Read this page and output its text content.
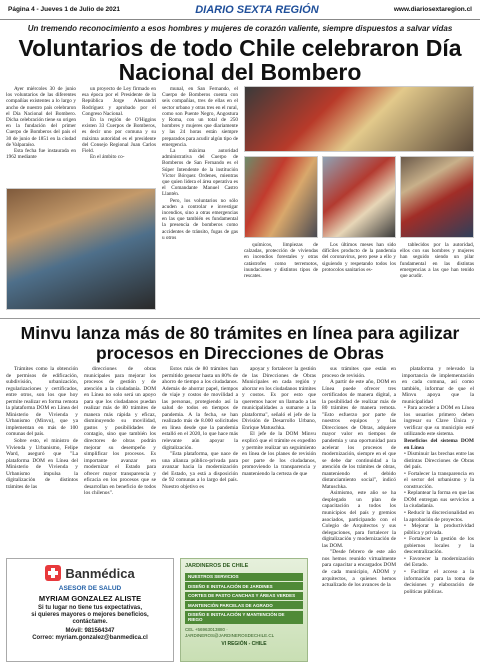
Página 4 - Jueves 1 de Julio de 2021	DIARIO SEXTA REGIÓN	www.diariosextaregion.cl
Un tremendo reconocimiento a esos hombres y mujeres de corazón valiente, siempre dispuestos a salvar vidas
Voluntarios de todo Chile celebraron Día Nacional del Bombero

Ayer miércoles 30 de junio los voluntarios de las diferentes compañías existentes a lo largo y ancho de nuestro país celebraron el Día Nacional del Bombero. Dicha celebración tiene su origen en la fundación del primer Cuerpo de Bomberos del país el 30 de junio de 1851 en la ciudad de Valparaíso.

Esta fecha fue instaurada en 1962 mediante

un proyecto de Ley firmado en esa época por el Presidente de la República Jorge Alessandri Rodríguez y aprobado por el Congreso Nacional.

En la región de O'Higgins existen 33 Cuerpos de Bomberos, es decir uno por comuna y su máxima autoridad es el presidente del Consejo Regional Juan Carlos Field.

En el ámbito co-

munal, en San Fernando, el Cuerpo de Bomberos cuenta con seis compañías, tres de ellas en el sector urbano y otras tres en el rural, como son Puente Negro, Angostura y Roma, con un total de 250 hombres y mujeres que diariamente y las 24 horas están siempre preparados para acudir algún tipo de emergencia.

La máxima autoridad administrativa del Cuerpo de Bomberos de San Fernando es el Súper Intendente de la institución Víctor Bórquez Ordenes, mientras que quien lidera el área operativa es el Comandante Manuel Castro Llantén.

Pero, los voluntarios no sólo acuden a controlar e investigar incendios, sino a otras emergencias en las que también es fundamental la presencia de bomberos como accidentes de tránsito, fugas de gas u otros

químicos, limpiezas de calzadas, protección de viviendas en incendios forestales y otras catástrofes como terremotos, inundaciones y distintos tipos de rescates.

Los últimos meses han sido difíciles producto de la pandemia del coronavirus, pero pese a ello y siguiendo y respetando todos los protocolos sanitarios es-

tablecidos por la autoridad, ellos con sus hombres y mujeres han seguido siendo un pilar fundamental en las distintas emergencias a las que han tenido que acudir.

Minvu lanza más de 80 trámites en línea para agilizar procesos en Direcciones de Obras

Trámites como la obtención de permisos de edificación, subdivisión, urbanización, regularizaciones y certificados, entre otros, son los que hoy permite realizar en forma remota la plataforma DOM en Línea del Ministerio de Vivienda y Urbanismo (Minvu), que ya implementan en más de 100 comunas del país.

Sobre esto, el ministro de Vivienda y Urbanismo, Felipe Ward, aseguró que "La plataforma DOM en Línea del Ministerio de Vivienda y Urbanismo impulsa la digitalización de distintos trámites de las

direcciones de obras municipales para mejorar los procesos de gestión y de atención a la ciudadanía. DOM en Línea no solo será un apoyo para que los ciudadanos puedan realizar más de 80 trámites de manera más rápida y eficaz, disminuyendo su movilidad, gastos y posibilidades de contagio, sino que también los directores de obras podrán mejorar su desempeño y simplificar los procesos. Es importante avanzar en modernizar el Estado para ofrecer mayor transparencia y eficacia en los procesos que se desarrollan en beneficio de todos los chilenos".

Estos más de 80 trámites han permitido generar hasta un 80% de ahorro de tiempo a los ciudadanos. Además de ahorrar papel, tiempos de viaje y costos de movilidad a las personas, protegiendo así la salud de todos en tiempos de pandemia. A la fecha, se han realizado más de 8.000 solicitudes en línea desde que la pandemia estalló en el 2020, lo que hace más relevante aún apoyar la digitalización.

"Esta plataforma, que nace de una alianza público-privada para avanzar hacia la modernización del Estado, ya está a disposición de 92 comunas a lo largo del país. Nuestro objetivo es

apoyar y fortalecer la gestión de las Direcciones de Obras Municipales en cada región y ahorrar en los ciudadanos trámites y costos. Es por esto que queremos hacer un llamado a las municipalidades a sumarse a la plataforma", señaló el jefe de la División de Desarrollo Urbano, Enrique Matuschka.

El jefe de la DOM Minvu explicó que el trámite es expedito y permite realizar un seguimiento en línea de los planes de revisión por parte de los ciudadanos, promoviendo la transparencia y manteniendo la certeza de que

sus trámites que están en proceso de revisión.

A partir de este año, DOM en Línea puede ofrecer tres certificados de manera digital, a la posibilidad de realizar más de 80 trámites de manera remota. "Esto esfuerzo por parte de nuestros equipos y las Direcciones de Obras, adquiere mayor valor en tiempos de pandemia y una oportunidad para acelerar los procesos de modernización, siempre en el que se debe dar continuidad a la atención de los trámites de obras, manteniendo el debido distanciamiento social", indicó Matuschka.

Asimismo, este año se ha desplegado un plan de capacitación a todos los municipios del país y gremios asociados, participando con el Colegio de Arquitectos y sus delegaciones, para fortalecer la digitalización y modernización de las DOM.

"Desde febrero de este año nos hemos reunido virtualmente para capacitar a encargados DOM de cada municipio, ADOM y arquitectos, a quienes hemos actualizado de los avances de la

plataforma y relevado la importancia de implementación en cada comuna, así como también, informar de que el Minvu apoya que la municipalidad

• Para acceder a DOM en Línea los usuarios primero deben ingresar su Clave Única y verificar que su municipio esté utilizando este sistema.

Beneficios del sistema DOM en Línea

• Disminuir las brechas entre las distintas Direcciones de Obras del país.

• Fortalecer la transparencia en el sector del urbanismo y la construcción.

• Replantear la forma en que las DOM entregan sus servicios a la ciudadanía.

• Reducir la discrecionalidad en la aprobación de proyectos.

• Mejorar la productividad pública y privada.

• Fortalecer la gestión de los gobiernos locales y la descentralización.

• Favorecer la modernización del Estado.

• Facilitar el acceso a la información para la toma de decisiones y elaboración de políticas públicas.

Banmédica
ASESOR DE SALUD
MYRIAM GONZALEZ ALISTE
Si tu lugar no tiene tus expectativas,
si quieres mayores o mejores beneficios,
contáctame.
Móvil: 981564347
Correo: myriam.gonzalez@banmedica.cl
JARDINEROS DE CHILE
NUESTROS SERVICIOS
DISEÑO E INSTALACIÓN DE JARDINES
CORTES DE PASTO CANCHAS Y ÁREAS VERDES
MANTENCIÓN PARCELAS DE AGRADO
DISEÑO E INSTALACIÓN Y MANTENCIÓN DE RIEGO
CEL +56963013880 · JARDINEROS@JARDINEROSDECHILE.CL
VI REGIÓN - CHILE
